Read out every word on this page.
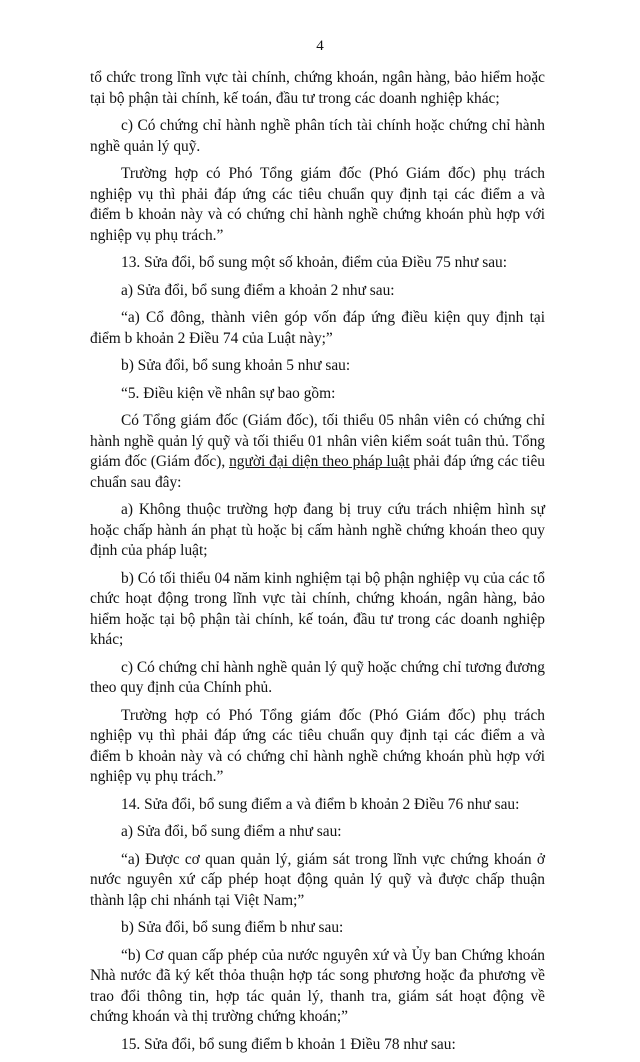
4

tổ chức trong lĩnh vực tài chính, chứng khoán, ngân hàng, bảo hiểm hoặc tại bộ phận tài chính, kế toán, đầu tư trong các doanh nghiệp khác;

c) Có chứng chỉ hành nghề phân tích tài chính hoặc chứng chỉ hành nghề quản lý quỹ.

Trường hợp có Phó Tổng giám đốc (Phó Giám đốc) phụ trách nghiệp vụ thì phải đáp ứng các tiêu chuẩn quy định tại các điểm a và điểm b khoản này và có chứng chỉ hành nghề chứng khoán phù hợp với nghiệp vụ phụ trách.”

13. Sửa đổi, bổ sung một số khoản, điểm của Điều 75 như sau:

a) Sửa đổi, bổ sung điểm a khoản 2 như sau:

“a) Cổ đông, thành viên góp vốn đáp ứng điều kiện quy định tại điểm b khoản 2 Điều 74 của Luật này;”

b) Sửa đổi, bổ sung khoản 5 như sau:

“5. Điều kiện về nhân sự bao gồm:

Có Tổng giám đốc (Giám đốc), tối thiểu 05 nhân viên có chứng chỉ hành nghề quản lý quỹ và tối thiểu 01 nhân viên kiểm soát tuân thủ. Tổng giám đốc (Giám đốc), người đại diện theo pháp luật phải đáp ứng các tiêu chuẩn sau đây:

a) Không thuộc trường hợp đang bị truy cứu trách nhiệm hình sự hoặc chấp hành án phạt tù hoặc bị cấm hành nghề chứng khoán theo quy định của pháp luật;

b) Có tối thiểu 04 năm kinh nghiệm tại bộ phận nghiệp vụ của các tổ chức hoạt động trong lĩnh vực tài chính, chứng khoán, ngân hàng, bảo hiểm hoặc tại bộ phận tài chính, kế toán, đầu tư trong các doanh nghiệp khác;

c) Có chứng chỉ hành nghề quản lý quỹ hoặc chứng chỉ tương đương theo quy định của Chính phủ.

Trường hợp có Phó Tổng giám đốc (Phó Giám đốc) phụ trách nghiệp vụ thì phải đáp ứng các tiêu chuẩn quy định tại các điểm a và điểm b khoản này và có chứng chỉ hành nghề chứng khoán phù hợp với nghiệp vụ phụ trách.”

14. Sửa đổi, bổ sung điểm a và điểm b khoản 2 Điều 76 như sau:

a) Sửa đổi, bổ sung điểm a như sau:

“a) Được cơ quan quản lý, giám sát trong lĩnh vực chứng khoán ở nước nguyên xứ cấp phép hoạt động quản lý quỹ và được chấp thuận thành lập chi nhánh tại Việt Nam;”

b) Sửa đổi, bổ sung điểm b như sau:

“b) Cơ quan cấp phép của nước nguyên xứ và Ủy ban Chứng khoán Nhà nước đã ký kết thỏa thuận hợp tác song phương hoặc đa phương về trao đổi thông tin, hợp tác quản lý, thanh tra, giám sát hoạt động về chứng khoán và thị trường chứng khoán;”

15. Sửa đổi, bổ sung điểm b khoản 1 Điều 78 như sau:
